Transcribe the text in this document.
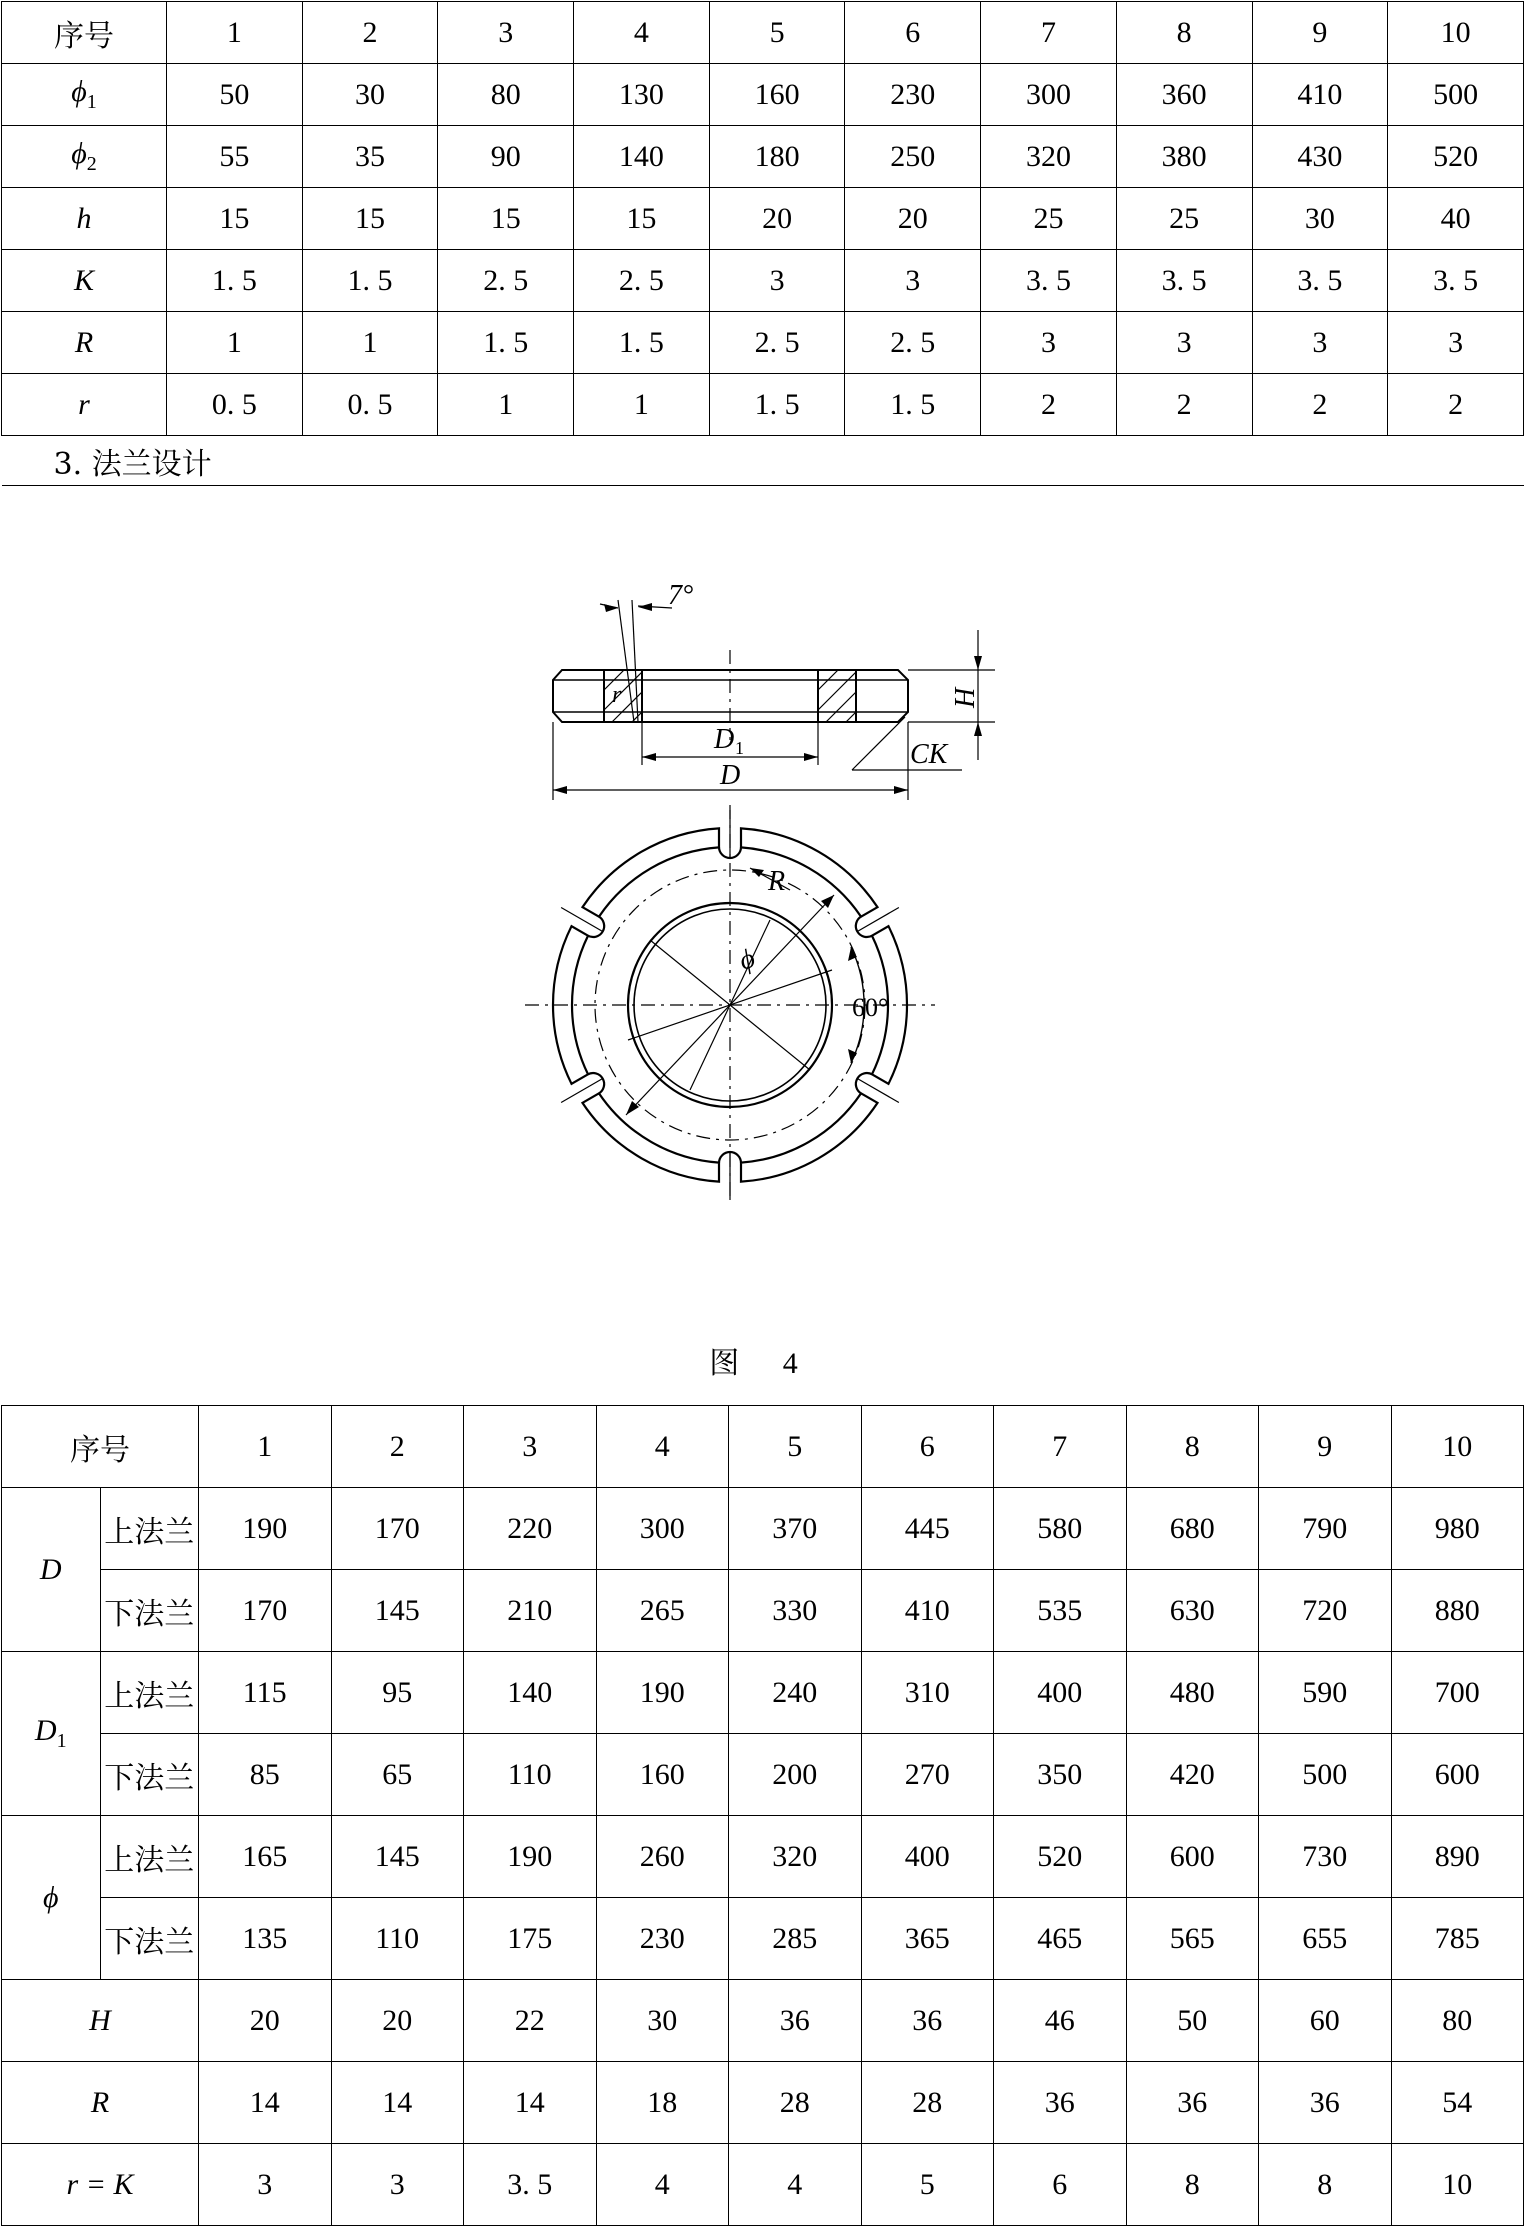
序号	1	2	3	4	5	6	7	8	9	10
$\phi_1$	50	30	80	130	160	230	300	360	410	500
$\phi_2$	55	35	90	140	180	250	320	380	430	520
h	15	15	15	15	20	20	25	25	30	40
K	1. 5	1. 5	2. 5	2. 5	3	3	3. 5	3. 5	3. 5	3. 5
R	1	1	1. 5	1. 5	2. 5	2. 5	3	3	3	3
r	0. 5	0. 5	1	1	1. 5	1. 5	2	2	2	2
3. 法兰设计										
7°
r	H
D 1
D
CK
R
ϕ
60°
图 4
序号		1	2	3	4	5	6	7	8	9	10
D	上法兰	190	170	220	300	370	445	580	680	790	980
	下法兰	170	145	210	265	330	410	535	630	720	880
$D_1$	上法兰	115	95	140	190	240	310	400	480	590	700
	下法兰	85	65	110	160	200	270	350	420	500	600
ϕ	上法兰	165	145	190	260	320	400	520	600	730	890
	下法兰	135	110	175	230	285	365	465	565	655	785
H		20	20	22	30	36	36	46	50	60	80
R		14	14	14	18	28	28	36	36	36	54
r = K		3	3	3. 5	4	4	5	6	8	8	10
